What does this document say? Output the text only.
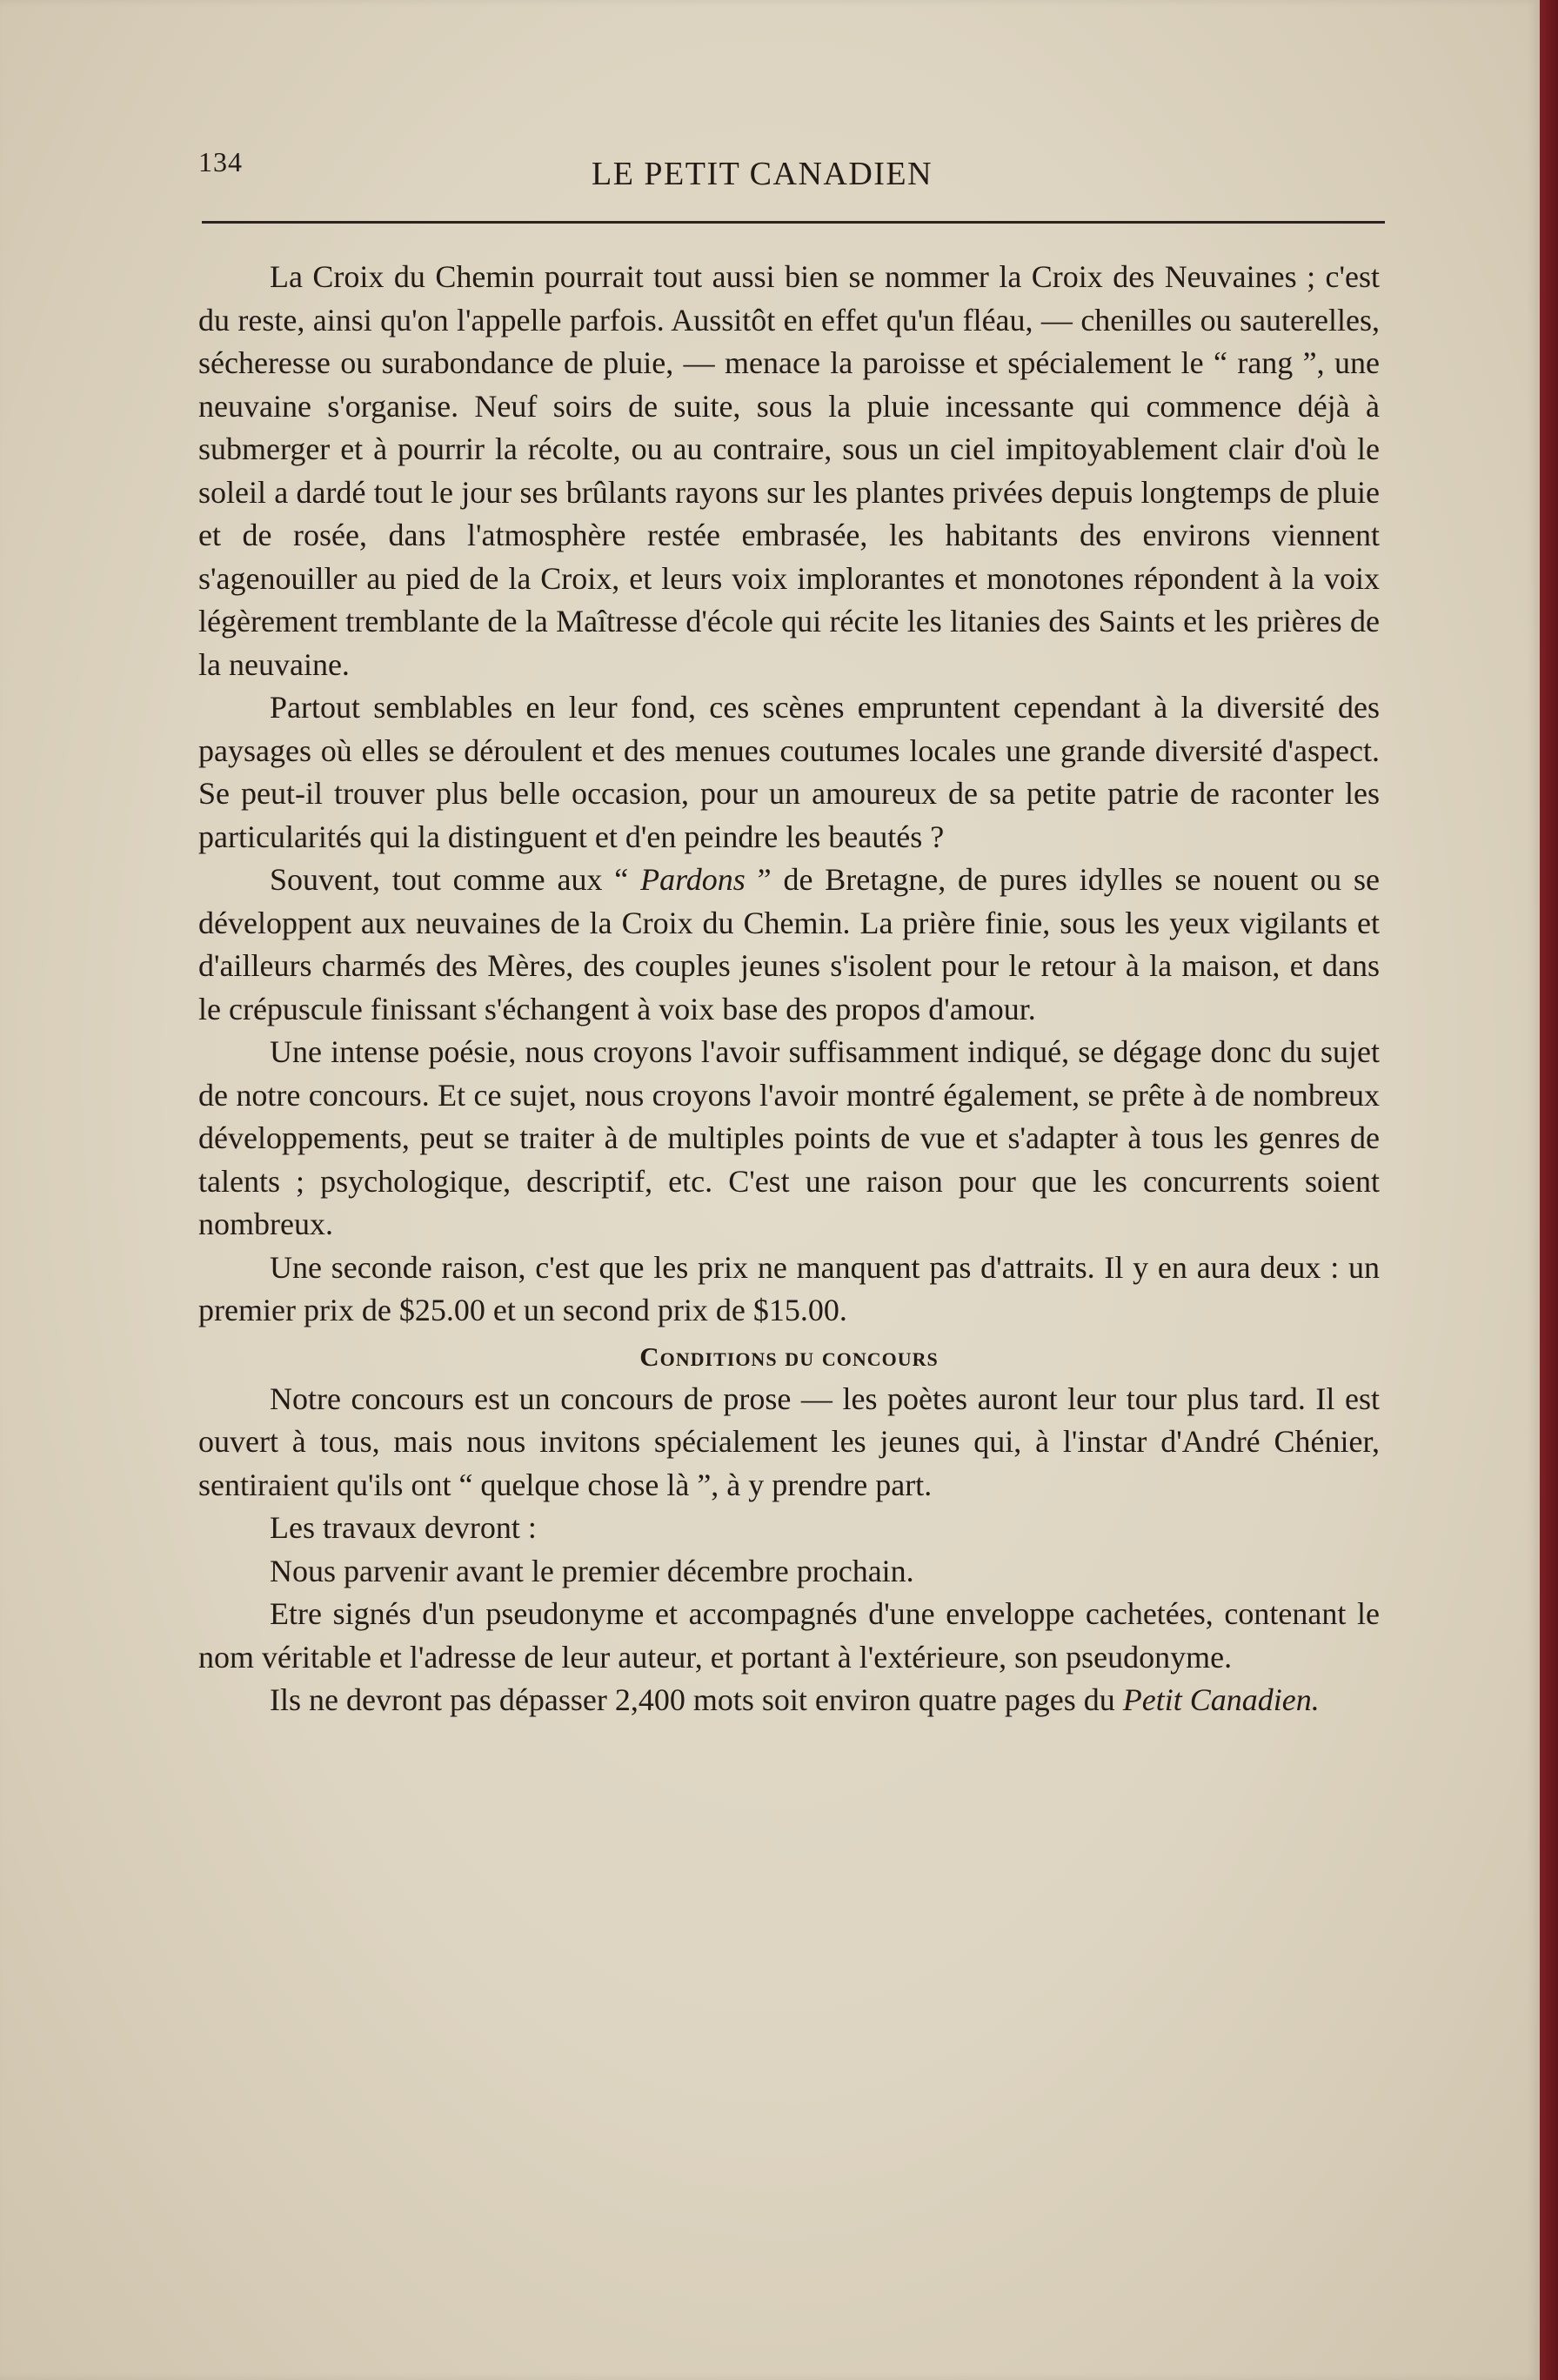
134	LE PETIT CANADIEN

La Croix du Chemin pourrait tout aussi bien se nommer la Croix des Neuvaines ; c'est du reste, ainsi qu'on l'appelle parfois. Aussitôt en effet qu'un fléau, — chenilles ou sauterelles, sécheresse ou surabondance de pluie, — menace la paroisse et spécialement le “ rang ”, une neuvaine s'organise. Neuf soirs de suite, sous la pluie incessante qui commence déjà à submerger et à pourrir la récolte, ou au contraire, sous un ciel impitoyablement clair d'où le soleil a dardé tout le jour ses brûlants rayons sur les plantes privées depuis longtemps de pluie et de rosée, dans l'atmosphère restée embrasée, les habitants des environs viennent s'agenouiller au pied de la Croix, et leurs voix implorantes et monotones répondent à la voix légèrement tremblante de la Maîtresse d'école qui récite les litanies des Saints et les prières de la neuvaine.

Partout semblables en leur fond, ces scènes empruntent cependant à la diversité des paysages où elles se déroulent et des menues coutumes locales une grande diversité d'aspect. Se peut-il trouver plus belle occasion, pour un amoureux de sa petite patrie de raconter les particularités qui la distinguent et d'en peindre les beautés ?

Souvent, tout comme aux “ Pardons ” de Bretagne, de pures idylles se nouent ou se développent aux neuvaines de la Croix du Chemin. La prière finie, sous les yeux vigilants et d'ailleurs charmés des Mères, des couples jeunes s'isolent pour le retour à la maison, et dans le crépuscule finissant s'échangent à voix base des propos d'amour.

Une intense poésie, nous croyons l'avoir suffisamment indiqué, se dégage donc du sujet de notre concours. Et ce sujet, nous croyons l'avoir montré également, se prête à de nombreux développements, peut se traiter à de multiples points de vue et s'adapter à tous les genres de talents ; psychologique, descriptif, etc. C'est une raison pour que les concurrents soient nombreux.

Une seconde raison, c'est que les prix ne manquent pas d'attraits. Il y en aura deux : un premier prix de $25.00 et un second prix de $15.00.

Conditions du concours

Notre concours est un concours de prose — les poètes auront leur tour plus tard. Il est ouvert à tous, mais nous invitons spécialement les jeunes qui, à l'instar d'André Chénier, sentiraient qu'ils ont “ quelque chose là ”, à y prendre part.

Les travaux devront :

Nous parvenir avant le premier décembre prochain.

Etre signés d'un pseudonyme et accompagnés d'une enveloppe cachetées, contenant le nom véritable et l'adresse de leur auteur, et portant à l'extérieure, son pseudonyme.

Ils ne devront pas dépasser 2,400 mots soit environ quatre pages du Petit Canadien.
